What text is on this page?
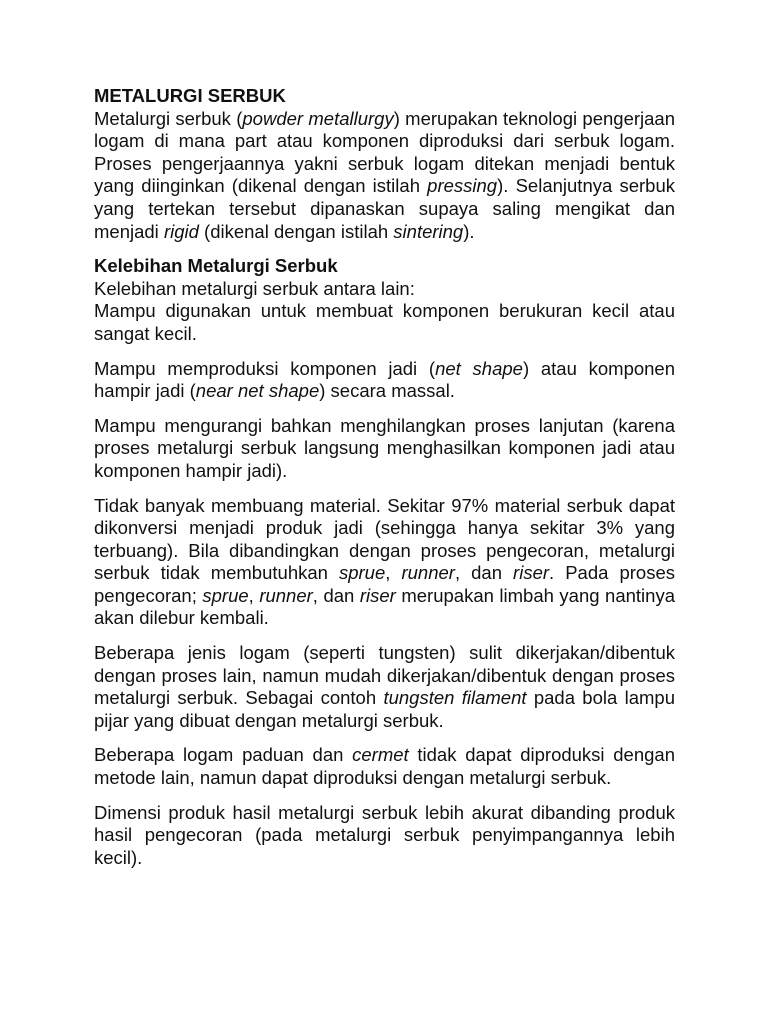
METALURGI SERBUK

Metalurgi serbuk (powder metallurgy) merupakan teknologi pengerjaan logam di mana part atau komponen diproduksi dari serbuk logam. Proses pengerjaannya yakni serbuk logam ditekan menjadi bentuk yang diinginkan (dikenal dengan istilah pressing). Selanjutnya serbuk yang tertekan tersebut dipanaskan supaya saling mengikat dan menjadi rigid (dikenal dengan istilah sintering).

Kelebihan Metalurgi Serbuk

Kelebihan metalurgi serbuk antara lain:

Mampu digunakan untuk membuat komponen berukuran kecil atau sangat kecil.

Mampu memproduksi komponen jadi (net shape) atau komponen hampir jadi (near net shape) secara massal.

Mampu mengurangi bahkan menghilangkan proses lanjutan (karena proses metalurgi serbuk langsung menghasilkan komponen jadi atau komponen hampir jadi).

Tidak banyak membuang material. Sekitar 97% material serbuk dapat dikonversi menjadi produk jadi (sehingga hanya sekitar 3% yang terbuang). Bila dibandingkan dengan proses pengecoran, metalurgi serbuk tidak membutuhkan sprue, runner, dan riser. Pada proses pengecoran; sprue, runner, dan riser merupakan limbah yang nantinya akan dilebur kembali.

Beberapa jenis logam (seperti tungsten) sulit dikerjakan/dibentuk dengan proses lain, namun mudah dikerjakan/dibentuk dengan proses metalurgi serbuk. Sebagai contoh tungsten filament pada bola lampu pijar yang dibuat dengan metalurgi serbuk.

Beberapa logam paduan dan cermet tidak dapat diproduksi dengan metode lain, namun dapat diproduksi dengan metalurgi serbuk.

Dimensi produk hasil metalurgi serbuk lebih akurat dibanding produk hasil pengecoran (pada metalurgi serbuk penyimpangannya lebih kecil).
